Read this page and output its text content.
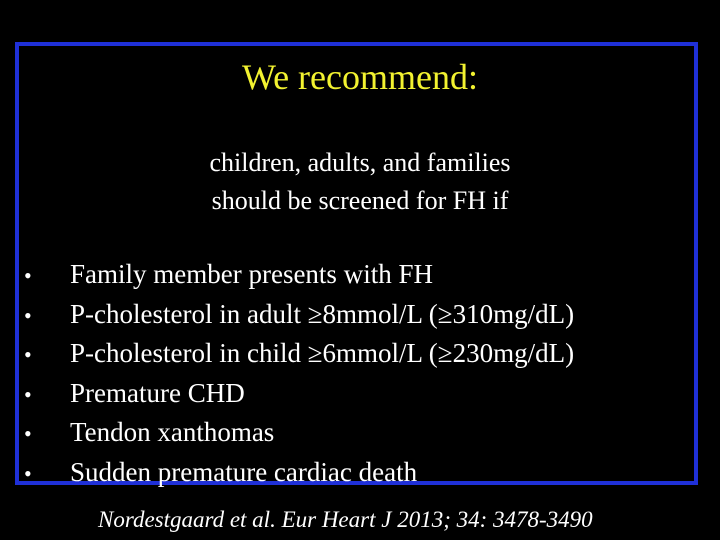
We recommend:
children, adults, and families
should be screened for FH if
•	Family member presents with FH
•	P-cholesterol in adult ≥8mmol/L (≥310mg/dL)
•	P-cholesterol in child ≥6mmol/L (≥230mg/dL)
•	Premature CHD
•	Tendon xanthomas
•	Sudden premature cardiac death
Nordestgaard et al. Eur Heart J 2013; 34: 3478-3490
